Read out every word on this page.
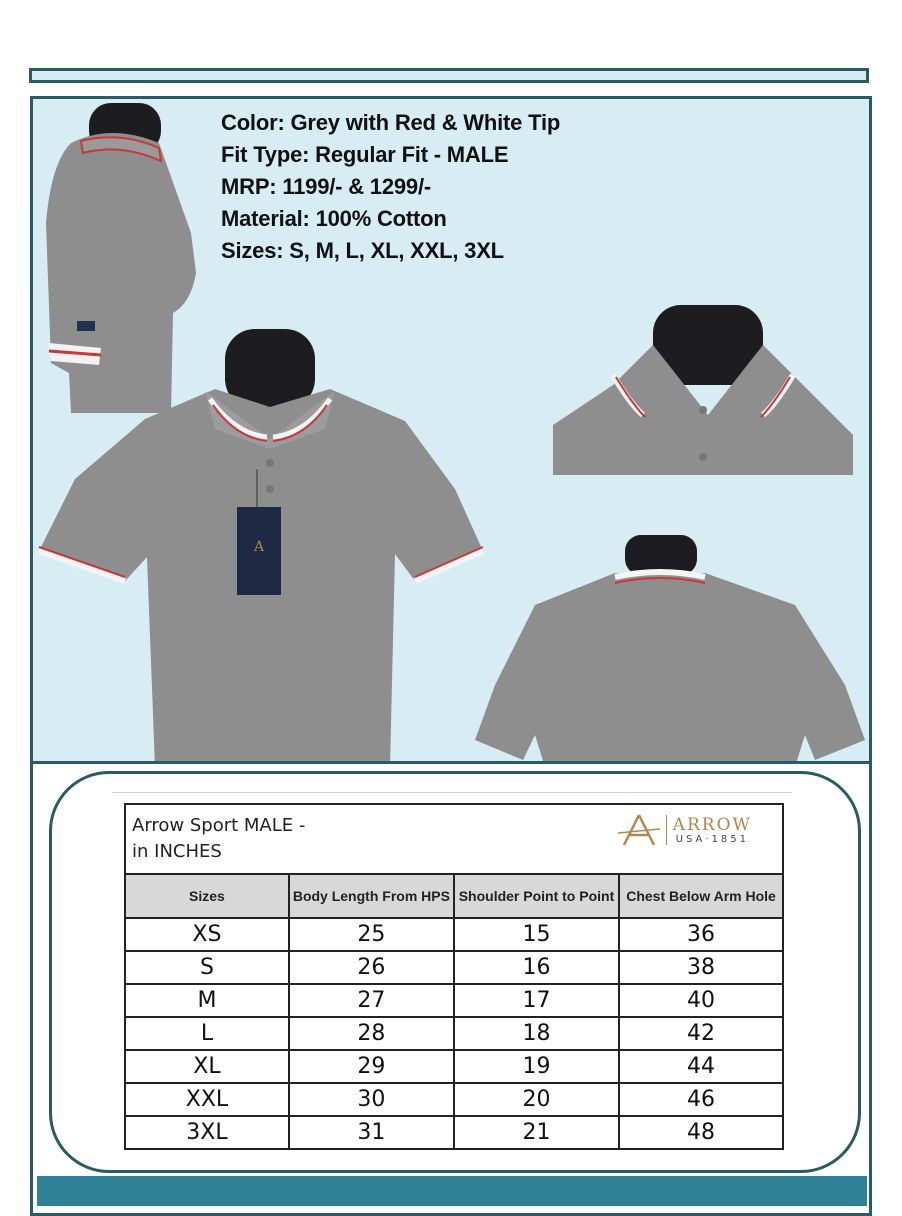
Color: Grey with Red & White Tip
Fit Type: Regular Fit - MALE
MRP: 1199/- & 1299/-
Material: 100% Cotton
Sizes: S, M, L, XL, XXL, 3XL
A
ARROW
USA·1851
Arrow Sport MALE -
in INCHES			

Sizes	Body Length From HPS	Shoulder Point to Point	Chest Below Arm Hole
XS	25	15	36
S	26	16	38
M	27	17	40
L	28	18	42
XL	29	19	44
XXL	30	20	46
3XL	31	21	48
